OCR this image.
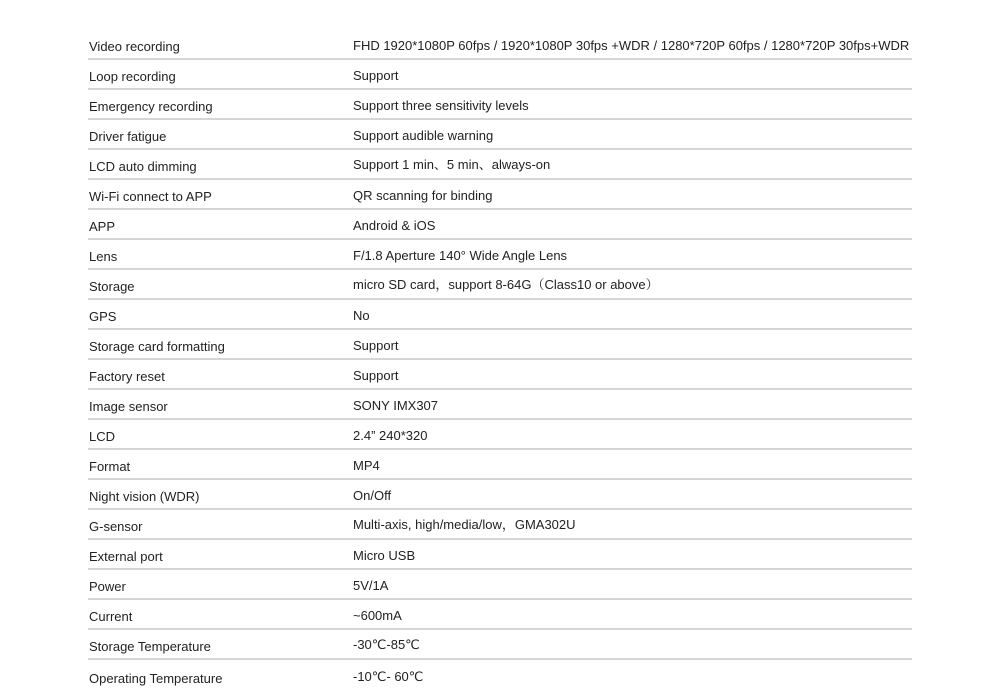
Video recording	FHD 1920*1080P 60fps / 1920*1080P 30fps +WDR / 1280*720P 60fps / 1280*720P 30fps+WDR
Loop recording	Support
Emergency recording	Support three sensitivity levels
Driver fatigue	Support audible warning
LCD auto dimming	Support 1 min、5 min、always-on
Wi-Fi connect to APP	QR scanning for binding
APP	Android & iOS
Lens	F/1.8 Aperture 140° Wide Angle Lens
Storage	micro SD card，support 8-64G（Class10 or above）
GPS	No
Storage card formatting	Support
Factory reset	Support
Image sensor	SONY IMX307
LCD	2.4” 240*320
Format	MP4
Night vision (WDR)	On/Off
G-sensor	Multi-axis, high/media/low，GMA302U
External port	Micro USB
Power	5V/1A
Current	~600mA
Storage Temperature	-30℃-85℃
Operating Temperature	-10℃- 60℃
